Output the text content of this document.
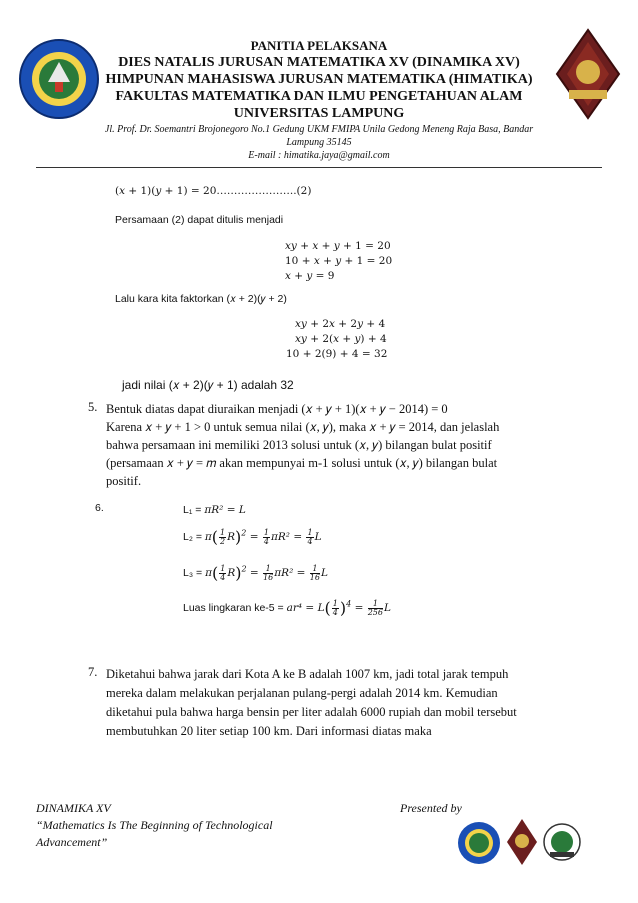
PANITIA PELAKSANA
DIES NATALIS JURUSAN MATEMATIKA XV (DINAMIKA XV)
HIMPUNAN MAHASISWA JURUSAN MATEMATIKA (HIMATIKA)
FAKULTAS MATEMATIKA DAN ILMU PENGETAHUAN ALAM
UNIVERSITAS LAMPUNG
Jl. Prof. Dr. Soemantri Brojonegoro No.1 Gedung UKM FMIPA Unila Gedong Meneng Raja Basa, Bandar
Lampung 35145
E-mail : himatika.jaya@gmail.com
(𝑥 + 1)(𝑦 + 1) = 20…………………..(2)
Persamaan (2) dapat ditulis menjadi
𝑥𝑦 + 𝑥 + 𝑦 + 1 = 20
10 + 𝑥 + 𝑦 + 1 = 20
𝑥 + 𝑦 = 9
Lalu kara kita faktorkan (𝑥 + 2)(𝑦 + 2)
𝑥𝑦 + 2𝑥 + 2𝑦 + 4
𝑥𝑦 + 2(𝑥 + 𝑦) + 4
10 + 2(9) + 4 = 32
jadi nilai (𝑥 + 2)(𝑦 + 1) adalah 32
5. Bentuk diatas dapat diuraikan menjadi (𝑥 + 𝑦 + 1)(𝑥 + 𝑦 − 2014) = 0
Karena 𝑥 + 𝑦 + 1 > 0 untuk semua nilai (𝑥, 𝑦), maka 𝑥 + 𝑦 = 2014, dan jelaslah
bahwa persamaan ini memiliki 2013 solusi untuk (𝑥, 𝑦) bilangan bulat positif
(persamaan 𝑥 + 𝑦 = 𝑚 akan mempunyai m-1 solusi untuk (𝑥, 𝑦) bilangan bulat
positif.
6.	L₁ = 𝜋𝑅² = 𝐿
L₂ = 𝜋( $\frac{1}{2}$ 𝑅)$^2$ = $\frac{1}{4}$ 𝜋𝑅² = $\frac{1}{4}$ 𝐿
L₃ = 𝜋( $\frac{1}{4}$ 𝑅)$^2$ = $\frac{1}{16}$ 𝜋𝑅² = $\frac{1}{16}$ 𝐿
Luas lingkaran ke-5 = 𝑎𝑟⁴ = 𝐿( $\frac{1}{4} )^4 = \frac{1}{256}$ 𝐿
7. Diketahui bahwa jarak dari Kota A ke B adalah 1007 km, jadi total jarak tempuh
mereka dalam melakukan perjalanan pulang-pergi adalah 2014 km. Kemudian
diketahui pula bahwa harga bensin per liter adalah 6000 rupiah dan mobil tersebut
membutuhkan 20 liter setiap 100 km. Dari informasi diatas maka
DINAMIKA XV
“Mathematics Is The Beginning of Technological
Advancement”
Presented by
